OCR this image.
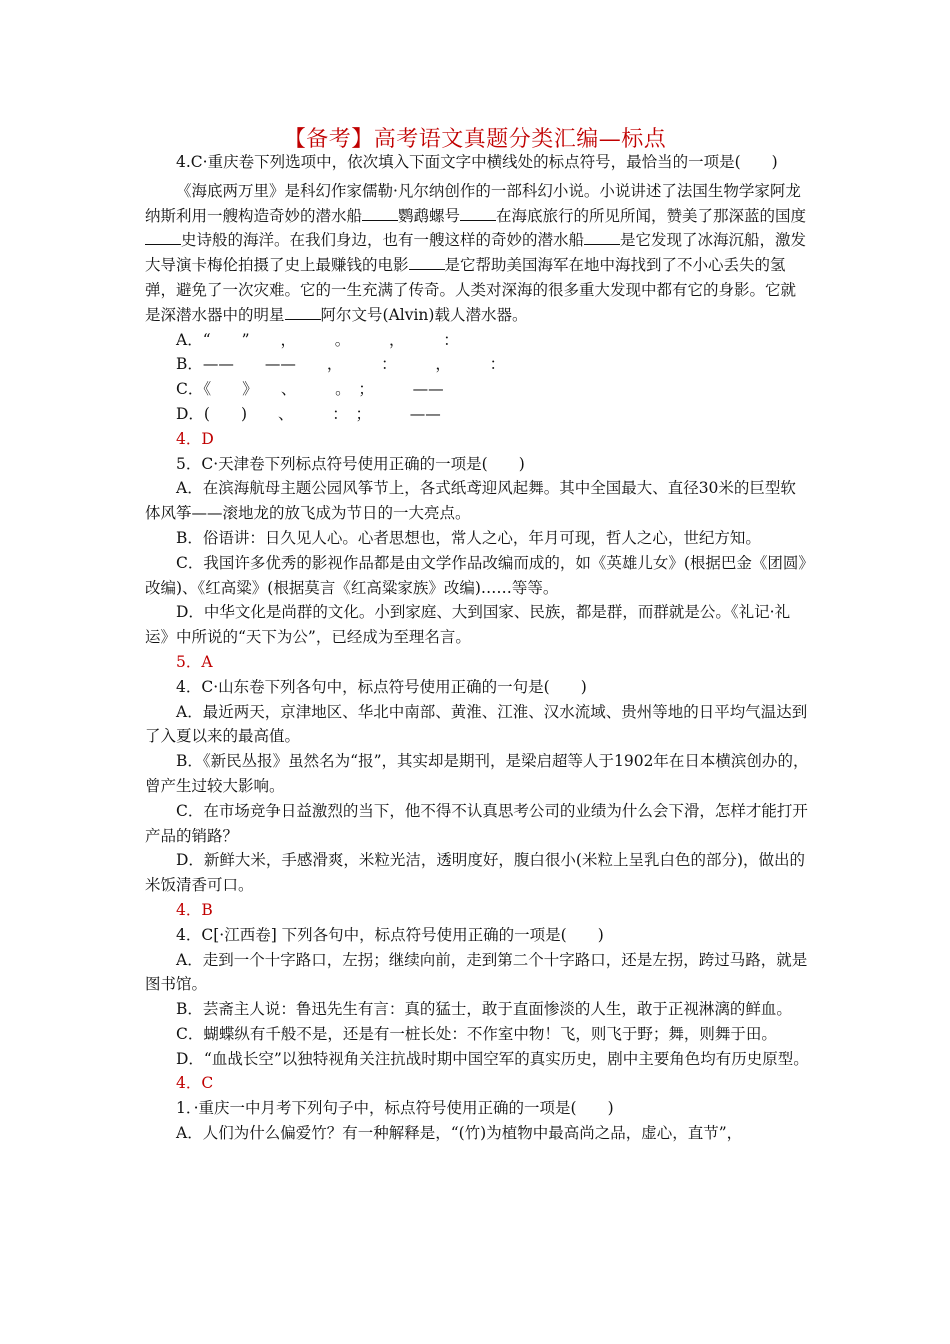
【备考】高考语文真题分类汇编—标点

4.C·重庆卷下列选项中，依次填入下面文字中横线处的标点符号，最恰当的一项是(　　)

《海底两万里》是科幻作家儒勒·凡尔纳创作的一部科幻小说。小说讲述了法国生物学家阿龙纳斯利用一艘构造奇妙的潜水船 鹦鹉螺号 在海底旅行的所见所闻，赞美了那深蓝的国度史诗般的海洋。在我们身边，也有一艘这样的奇妙的潜水船 是它发现了冰海沉船，激发大导演卡梅伦拍摄了史上最赚钱的电影 是它帮助美国海军在地中海找到了不小心丢失的氢弹，避免了一次灾难。它的一生充满了传奇。人类对深海的很多重大发现中都有它的身影。它就是深潜水器中的明星 阿尔文号(Alvin)载人潜水器。

A．“　　”　　，　　　。　　　，　　　：

B．——　　——　　，　　　：　　　，　　　：

C．《　　》　　、　　　。　；　　　——

D．(　　)　　、　　　：　；　　　——

4．D

5．C·天津卷下列标点符号使用正确的一项是(　　)

A．在滨海航母主题公园风筝节上，各式纸鸢迎风起舞。其中全国最大、直径30米的巨型软体风筝——滚地龙的放飞成为节日的一大亮点。

B．俗语讲：日久见人心。心者思想也，常人之心，年月可现，哲人之心，世纪方知。

C．我国许多优秀的影视作品都是由文学作品改编而成的，如《英雄儿女》(根据巴金《团圆》改编)、《红高粱》(根据莫言《红高粱家族》改编)……等等。

D．中华文化是尚群的文化。小到家庭、大到国家、民族，都是群，而群就是公。《礼记·礼运》中所说的“天下为公”，已经成为至理名言。

5．A

4．C·山东卷下列各句中，标点符号使用正确的一句是(　　)

A．最近两天，京津地区、华北中南部、黄淮、江淮、汉水流域、贵州等地的日平均气温达到了入夏以来的最高值。

B．《新民丛报》虽然名为“报”，其实却是期刊，是梁启超等人于1902年在日本横滨创办的，曾产生过较大影响。

C．在市场竞争日益激烈的当下，他不得不认真思考公司的业绩为什么会下滑，怎样才能打开产品的销路？

D．新鲜大米，手感滑爽，米粒光洁，透明度好，腹白很小(米粒上呈乳白色的部分)，做出的米饭清香可口。

4．B

4．C[·江西卷] 下列各句中，标点符号使用正确的一项是(　　)

A．走到一个十字路口，左拐；继续向前，走到第二个十字路口，还是左拐，跨过马路，就是图书馆。

B．芸斋主人说：鲁迅先生有言：真的猛士，敢于直面惨淡的人生，敢于正视淋漓的鲜血。

C．蝴蝶纵有千般不是，还是有一桩长处：不作室中物！飞，则飞于野；舞，则舞于田。

D．“血战长空”以独特视角关注抗战时期中国空军的真实历史，剧中主要角色均有历史原型。

4．C

1．·重庆一中月考下列句子中，标点符号使用正确的一项是(　　)

A．人们为什么偏爱竹？有一种解释是，“(竹)为植物中最高尚之品，虚心，直节”，
